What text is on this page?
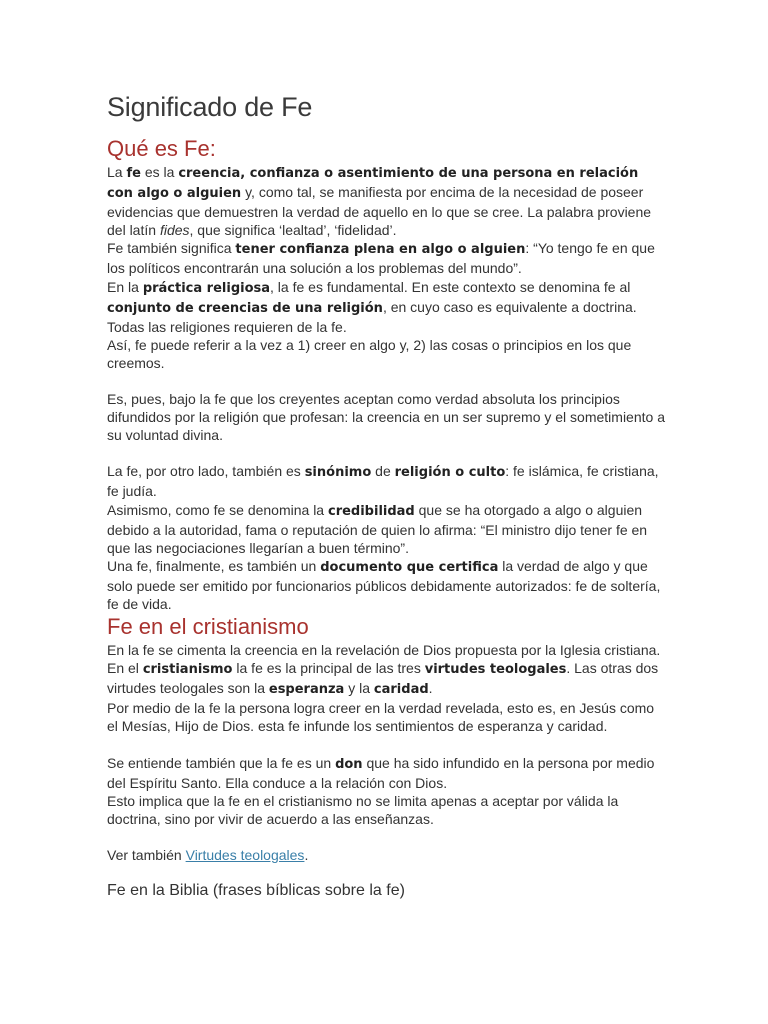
Significado de Fe
Qué es Fe:

La fe es la creencia, confianza o asentimiento de una persona en relación con algo o alguien y, como tal, se manifiesta por encima de la necesidad de poseer evidencias que demuestren la verdad de aquello en lo que se cree. La palabra proviene del latín fides, que significa ‘lealtad’, ‘fidelidad’.

Fe también significa tener confianza plena en algo o alguien: “Yo tengo fe en que los políticos encontrarán una solución a los problemas del mundo”.

En la práctica religiosa, la fe es fundamental. En este contexto se denomina fe al conjunto de creencias de una religión, en cuyo caso es equivalente a doctrina. Todas las religiones requieren de la fe.

Así, fe puede referir a la vez a 1) creer en algo y, 2) las cosas o principios en los que creemos.

Es, pues, bajo la fe que los creyentes aceptan como verdad absoluta los principios difundidos por la religión que profesan: la creencia en un ser supremo y el sometimiento a su voluntad divina.

La fe, por otro lado, también es sinónimo de religión o culto: fe islámica, fe cristiana, fe judía.

Asimismo, como fe se denomina la credibilidad que se ha otorgado a algo o alguien debido a la autoridad, fama o reputación de quien lo afirma: “El ministro dijo tener fe en que las negociaciones llegarían a buen término”.

Una fe, finalmente, es también un documento que certifica la verdad de algo y que solo puede ser emitido por funcionarios públicos debidamente autorizados: fe de soltería, fe de vida.

Fe en el cristianismo

En la fe se cimenta la creencia en la revelación de Dios propuesta por la Iglesia cristiana. En el cristianismo la fe es la principal de las tres virtudes teologales. Las otras dos virtudes teologales son la esperanza y la caridad.

Por medio de la fe la persona logra creer en la verdad revelada, esto es, en Jesús como el Mesías, Hijo de Dios. esta fe infunde los sentimientos de esperanza y caridad.

Se entiende también que la fe es un don que ha sido infundido en la persona por medio del Espíritu Santo. Ella conduce a la relación con Dios.

Esto implica que la fe en el cristianismo no se limita apenas a aceptar por válida la doctrina, sino por vivir de acuerdo a las enseñanzas.

Ver también Virtudes teologales.

Fe en la Biblia (frases bíblicas sobre la fe)
